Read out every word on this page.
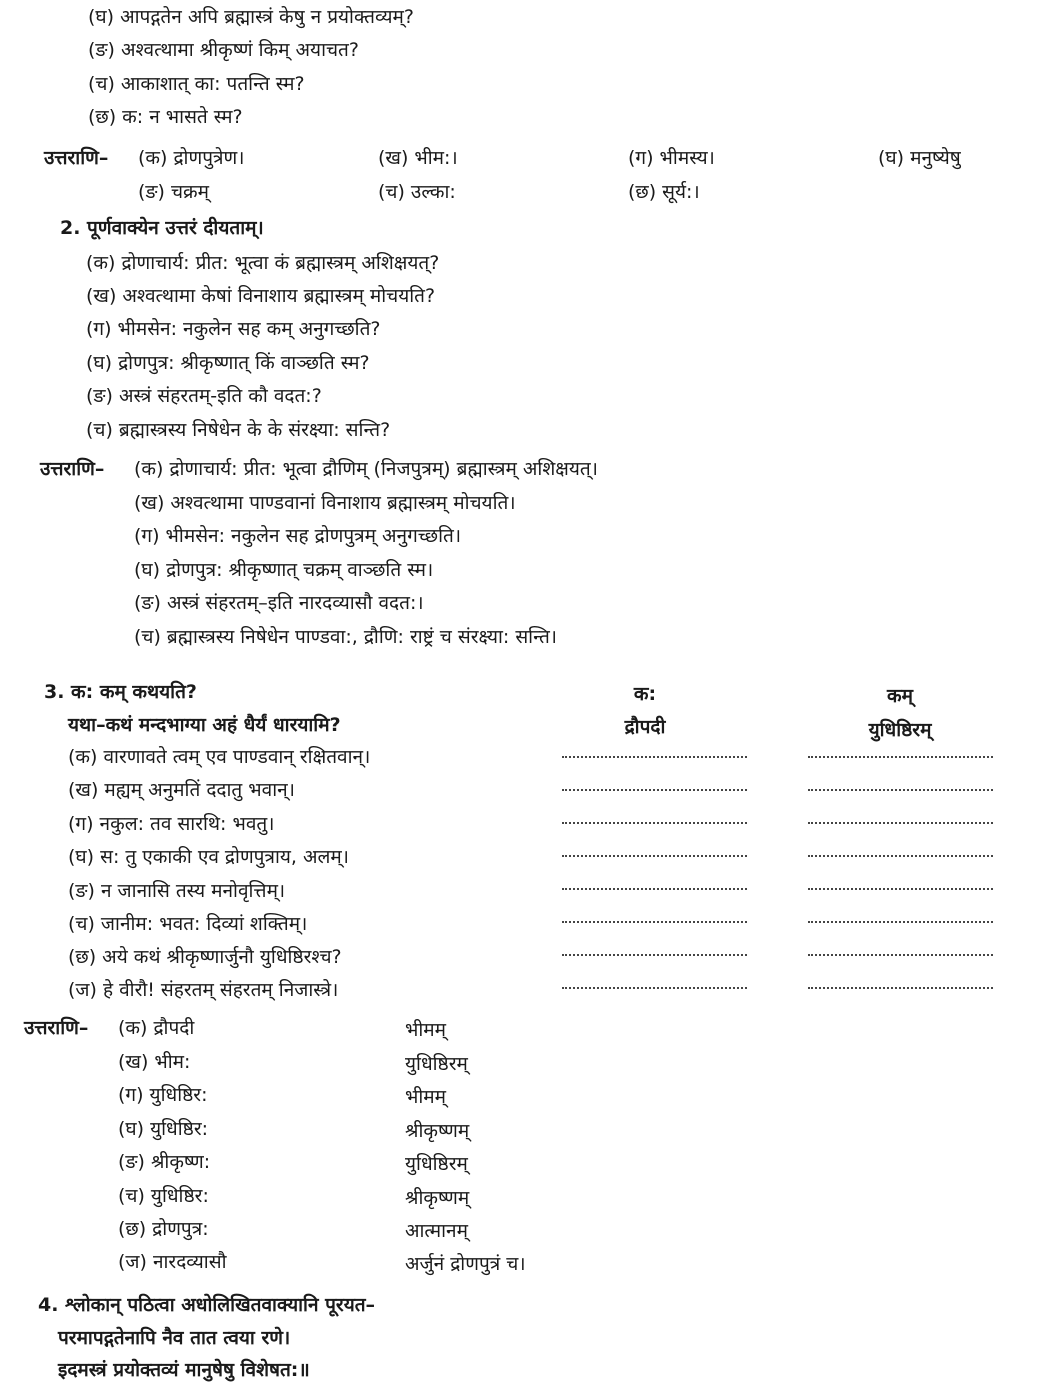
(घ) आपद्गतेन अपि ब्रह्मास्त्रं केषु न प्रयोक्तव्यम्?
(ङ) अश्वत्थामा श्रीकृष्णं किम् अयाचत?
(च) आकाशात् का: पतन्ति स्म?
(छ) क: न भासते स्म?
उत्तराणि– (क) द्रोणपुत्रेण।	(ख) भीम:।	(ग) भीमस्य।	(घ) मनुष्येषु
(ङ) चक्रम्	(च) उल्का:	(छ) सूर्य:।
2. पूर्णवाक्येन उत्तरं दीयताम्।
(क) द्रोणाचार्य: प्रीत: भूत्वा कं ब्रह्मास्त्रम् अशिक्षयत्?
(ख) अश्वत्थामा केषां विनाशाय ब्रह्मास्त्रम् मोचयति?
(ग) भीमसेन: नकुलेन सह कम् अनुगच्छति?
(घ) द्रोणपुत्र: श्रीकृष्णात् किं वाञ्छति स्म?
(ङ) अस्त्रं संहरतम्-इति कौ वदत:?
(च) ब्रह्मास्त्रस्य निषेधेन के के संरक्ष्या: सन्ति?
उत्तराणि– (क) द्रोणाचार्य: प्रीत: भूत्वा द्रौणिम् (निजपुत्रम्) ब्रह्मास्त्रम् अशिक्षयत्।
(ख) अश्वत्थामा पाण्डवानां विनाशाय ब्रह्मास्त्रम् मोचयति।
(ग) भीमसेन: नकुलेन सह द्रोणपुत्रम् अनुगच्छति।
(घ) द्रोणपुत्र: श्रीकृष्णात् चक्रम् वाञ्छति स्म।
(ङ) अस्त्रं संहरतम्–इति नारदव्यासौ वदत:।
(च) ब्रह्मास्त्रस्य निषेधेन पाण्डवा:, द्रौणि: राष्ट्रं च संरक्ष्या: सन्ति।
3. क: कम् कथयति?	क:	कम्
यथा–कथं मन्दभाग्या अहं धैर्यं धारयामि?	द्रौपदी	युधिष्ठिरम्
(क) वारणावते त्वम् एव पाण्डवान् रक्षितवान्।
(ख) मह्यम् अनुमतिं ददातु भवान्।
(ग) नकुल: तव सारथि: भवतु।
(घ) स: तु एकाकी एव द्रोणपुत्राय, अलम्।
(ङ) न जानासि तस्य मनोवृत्तिम्।
(च) जानीम: भवत: दिव्यां शक्तिम्।
(छ) अये कथं श्रीकृष्णार्जुनौ युधिष्ठिरश्च?
(ज) हे वीरौ! संहरतम् संहरतम् निजास्त्रे।
उत्तराणि– (क) द्रौपदी	भीमम्
(ख) भीम:	युधिष्ठिरम्
(ग) युधिष्ठिर:	भीमम्
(घ) युधिष्ठिर:	श्रीकृष्णम्
(ङ) श्रीकृष्ण:	युधिष्ठिरम्
(च) युधिष्ठिर:	श्रीकृष्णम्
(छ) द्रोणपुत्र:	आत्मानम्
(ज) नारदव्यासौ	अर्जुनं द्रोणपुत्रं च।
4. श्लोकान् पठित्वा अधोलिखितवाक्यानि पूरयत–
परमापद्गतेनापि नैव तात त्वया रणे।
इदमस्त्रं प्रयोक्तव्यं मानुषेषु विशेषत:॥
